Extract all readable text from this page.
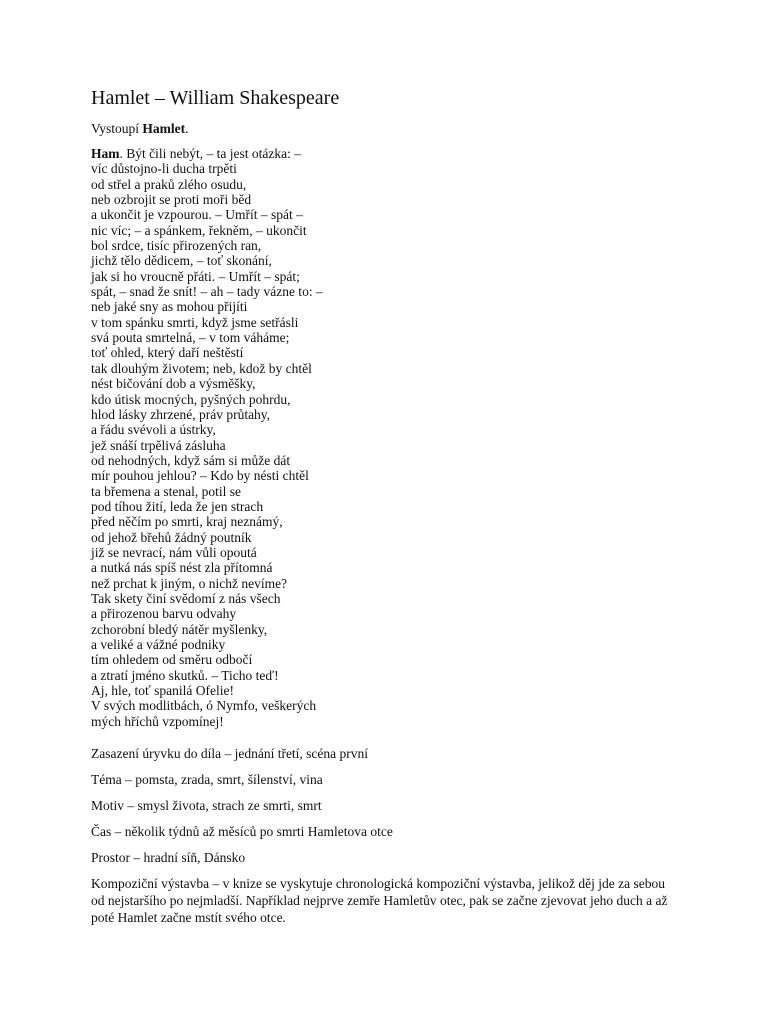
Hamlet – William Shakespeare

Vystoupí Hamlet.

Ham. Být čili nebýt, – ta jest otázka: –
víc důstojno-li ducha trpěti
od střel a praků zlého osudu,
neb ozbrojit se proti moři běd
a ukončit je vzpourou. – Umřít – spát –
nic víc; – a spánkem, řekněm, – ukončit
bol srdce, tisíc přirozených ran,
jichž tělo dědicem, – toť skonání,
jak si ho vroucně přáti. – Umřít – spát;
spát, – snad že snít! – ah – tady vázne to: –
neb jaké sny as mohou přijíti
v tom spánku smrti, když jsme setřásli
svá pouta smrtelná, – v tom váháme;
toť ohled, který daří neštěstí
tak dlouhým životem; neb, kdož by chtěl
nést bičování dob a výsměšky,
kdo útisk mocných, pyšných pohrdu,
hlod lásky zhrzené, práv průtahy,
a řádu svévoli a ústrky,
jež snáší trpělivá zásluha
od nehodných, když sám si může dát
mír pouhou jehlou? – Kdo by nésti chtěl
ta břemena a stenal, potil se
pod tíhou žití, leda že jen strach
před něčím po smrti, kraj neznámý,
od jehož břehů žádný poutník
již se nevrací, nám vůli opoutá
a nutká nás spíš nést zla přítomná
než prchat k jiným, o nichž nevíme?
Tak skety činí svědomí z nás všech
a přirozenou barvu odvahy
zchorobní bledý nátěr myšlenky,
a veliké a vážné podniky
tím ohledem od směru odbočí
a ztratí jméno skutků. – Ticho teď!
Aj, hle, toť spanilá Ofelie!
V svých modlitbách, ó Nymfo, veškerých
mých hříchů vzpomínej!

Zasazení úryvku do díla – jednání třetí, scéna první

Téma – pomsta, zrada, smrt, šílenství, vina

Motiv – smysl života, strach ze smrti, smrt

Čas – několik týdnů až měsíců po smrti Hamletova otce

Prostor – hradní síň, Dánsko

Kompoziční výstavba – v knize se vyskytuje chronologická kompoziční výstavba, jelikož děj jde za sebou od nejstaršího po nejmladší. Například nejprve zemře Hamletův otec, pak se začne zjevovat jeho duch a až poté Hamlet začne mstít svého otce.
